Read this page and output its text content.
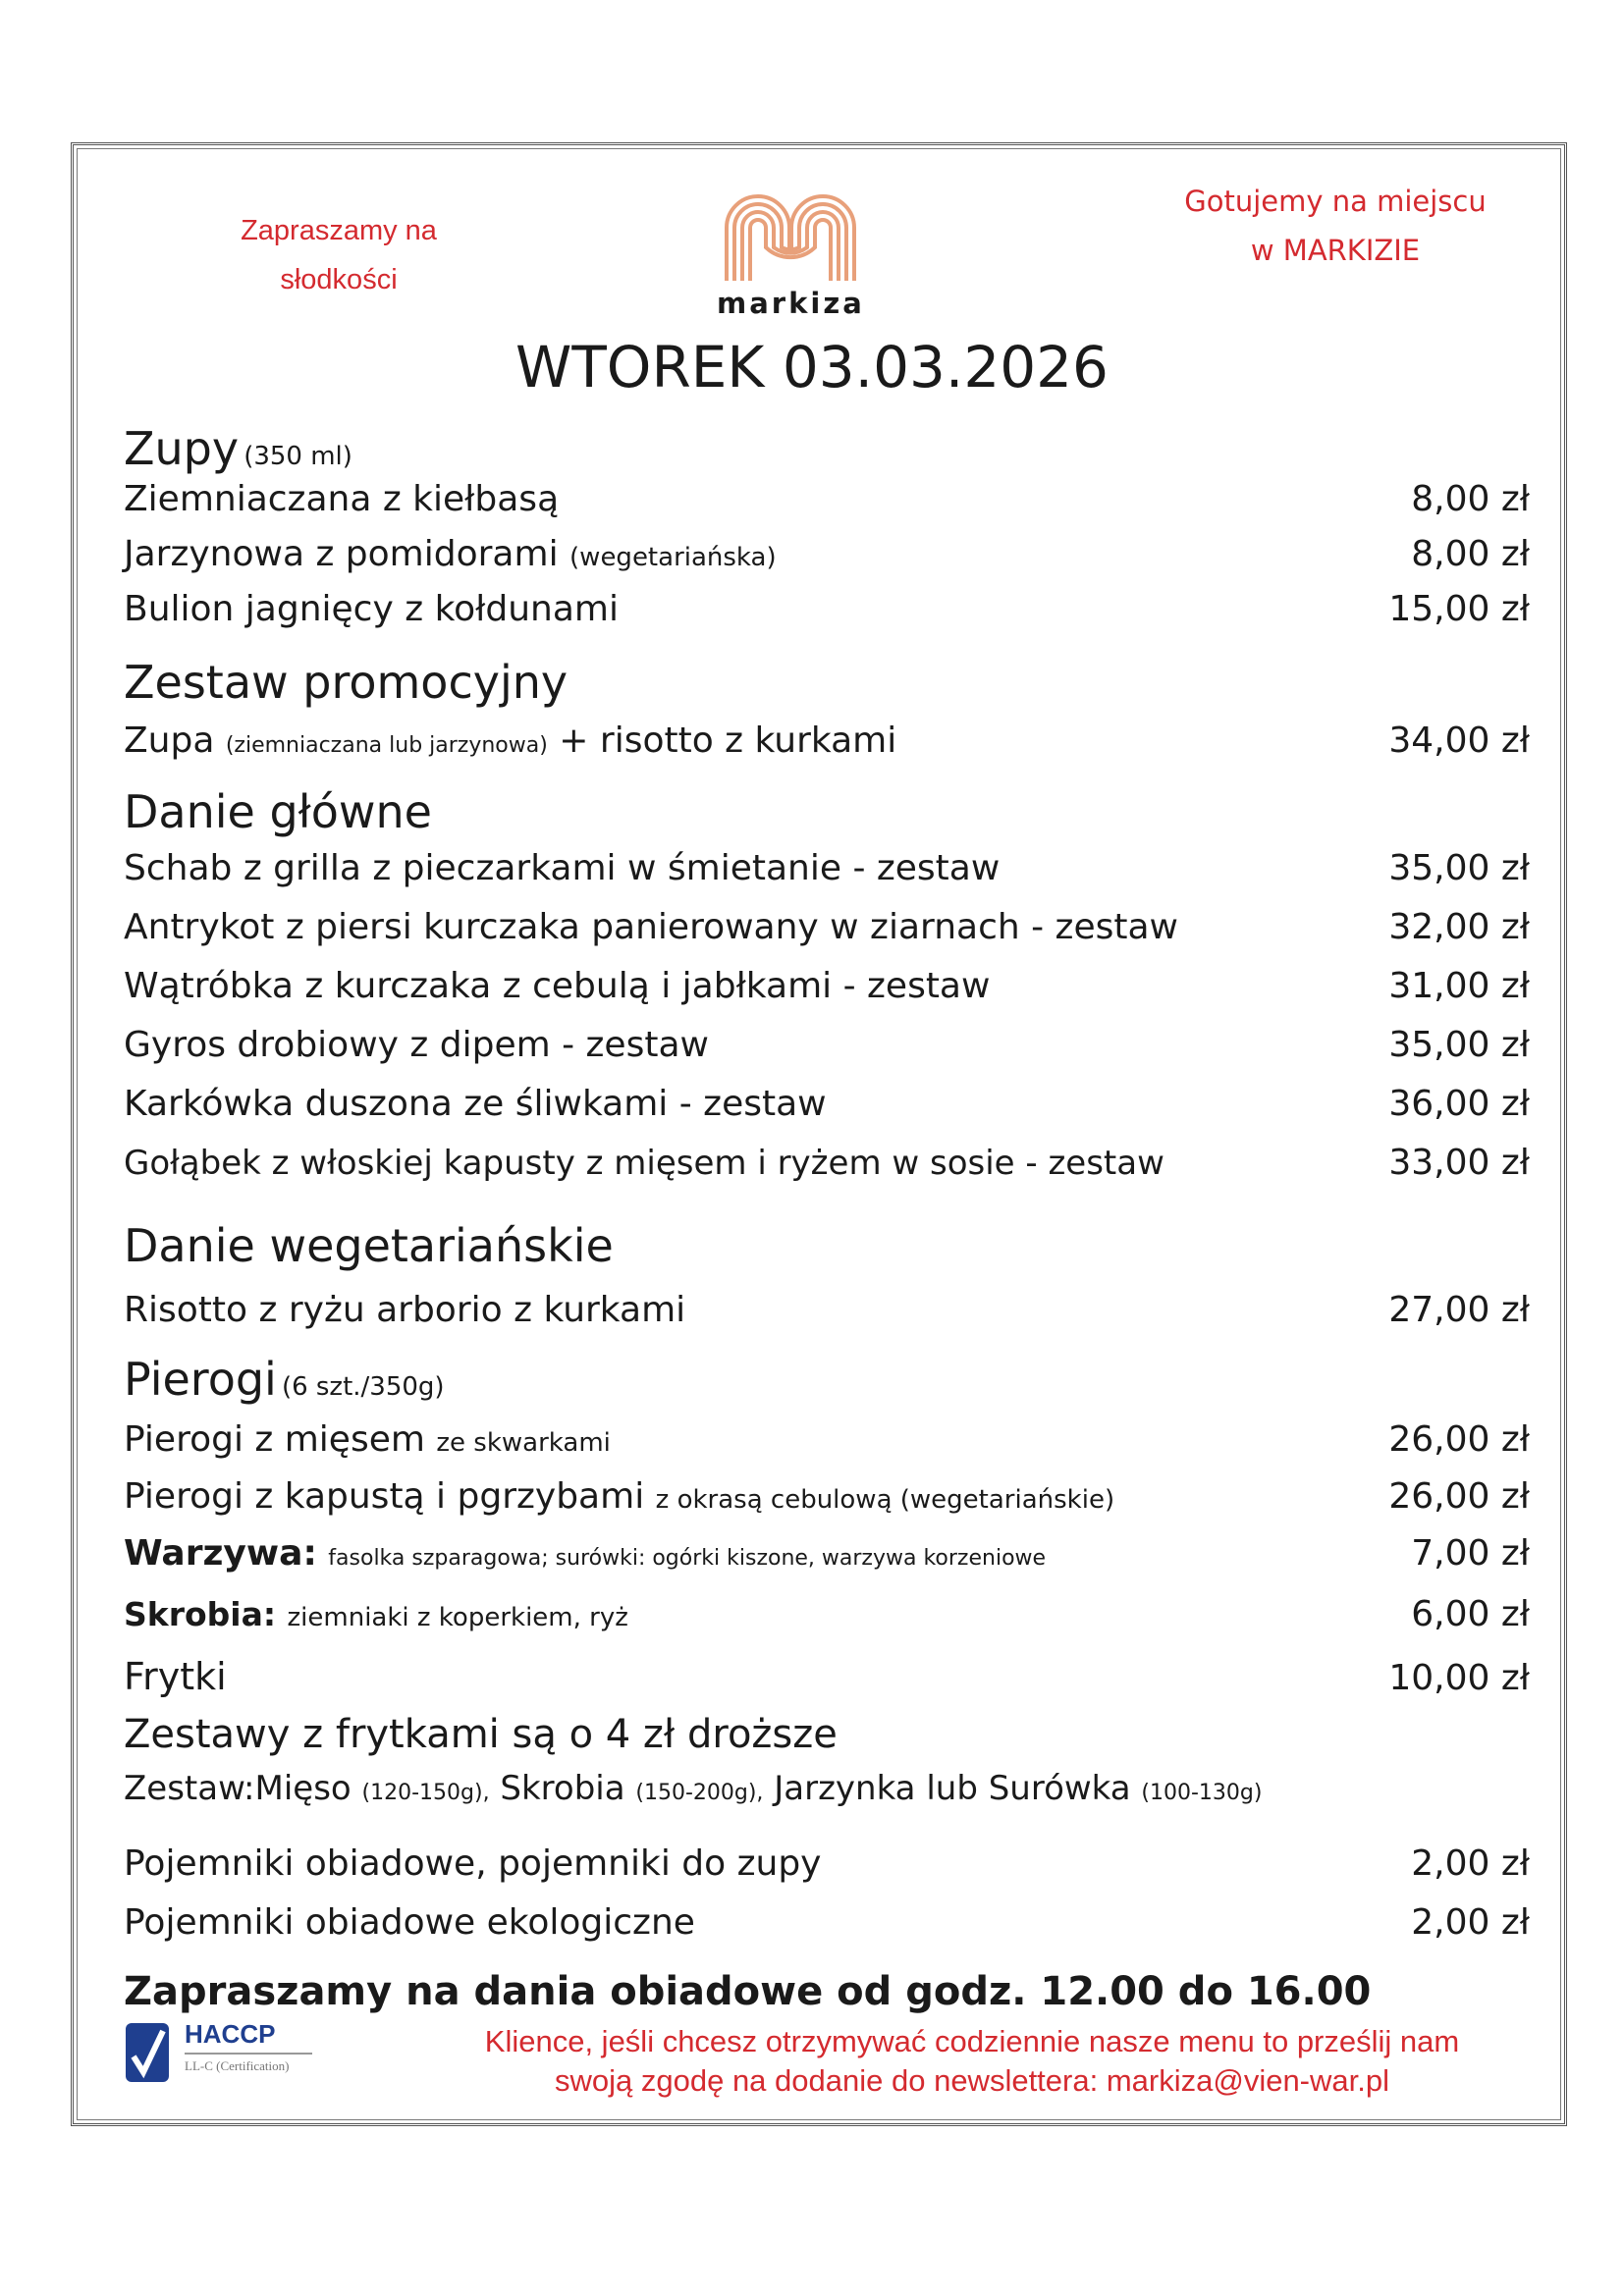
Zapraszamy na
słodkości
markiza
Gotujemy na miejscu
w MARKIZIE
WTOREK 03.03.2026
Zupy (350 ml)
Ziemniaczana z kiełbasą	8,00 zł
Jarzynowa z pomidorami (wegetariańska)	8,00 zł
Bulion jagnięcy z kołdunami	15,00 zł
Zestaw promocyjny
Zupa (ziemniaczana lub jarzynowa) + risotto z kurkami	34,00 zł
Danie główne
Schab z grilla z pieczarkami w śmietanie - zestaw	35,00 zł
Antrykot z piersi kurczaka panierowany w ziarnach - zestaw	32,00 zł
Wątróbka z kurczaka z cebulą i jabłkami - zestaw	31,00 zł
Gyros drobiowy z dipem - zestaw	35,00 zł
Karkówka duszona ze śliwkami - zestaw	36,00 zł
Gołąbek z włoskiej kapusty z mięsem i ryżem w sosie - zestaw	33,00 zł
Danie wegetariańskie
Risotto z ryżu arborio z kurkami	27,00 zł
Pierogi (6 szt./350g)
Pierogi z mięsem ze skwarkami	26,00 zł
Pierogi z kapustą i pgrzybami z okrasą cebulową (wegetariańskie)	26,00 zł
Warzywa: fasolka szparagowa; surówki: ogórki kiszone, warzywa korzeniowe	7,00 zł
Skrobia: ziemniaki z koperkiem, ryż	6,00 zł
Frytki	10,00 zł
Zestawy z frytkami są o 4 zł droższe
Zestaw:Mięso (120-150g), Skrobia (150-200g), Jarzynka lub Surówka (100-130g)
Pojemniki obiadowe, pojemniki do zupy	2,00 zł
Pojemniki obiadowe ekologiczne	2,00 zł
Zapraszamy na dania obiadowe od godz. 12.00 do 16.00
HACCP
LL-C (Certification)
Klience, jeśli chcesz otrzymywać codziennie nasze menu to prześlij nam
swoją zgodę na dodanie do newslettera: markiza@vien-war.pl
